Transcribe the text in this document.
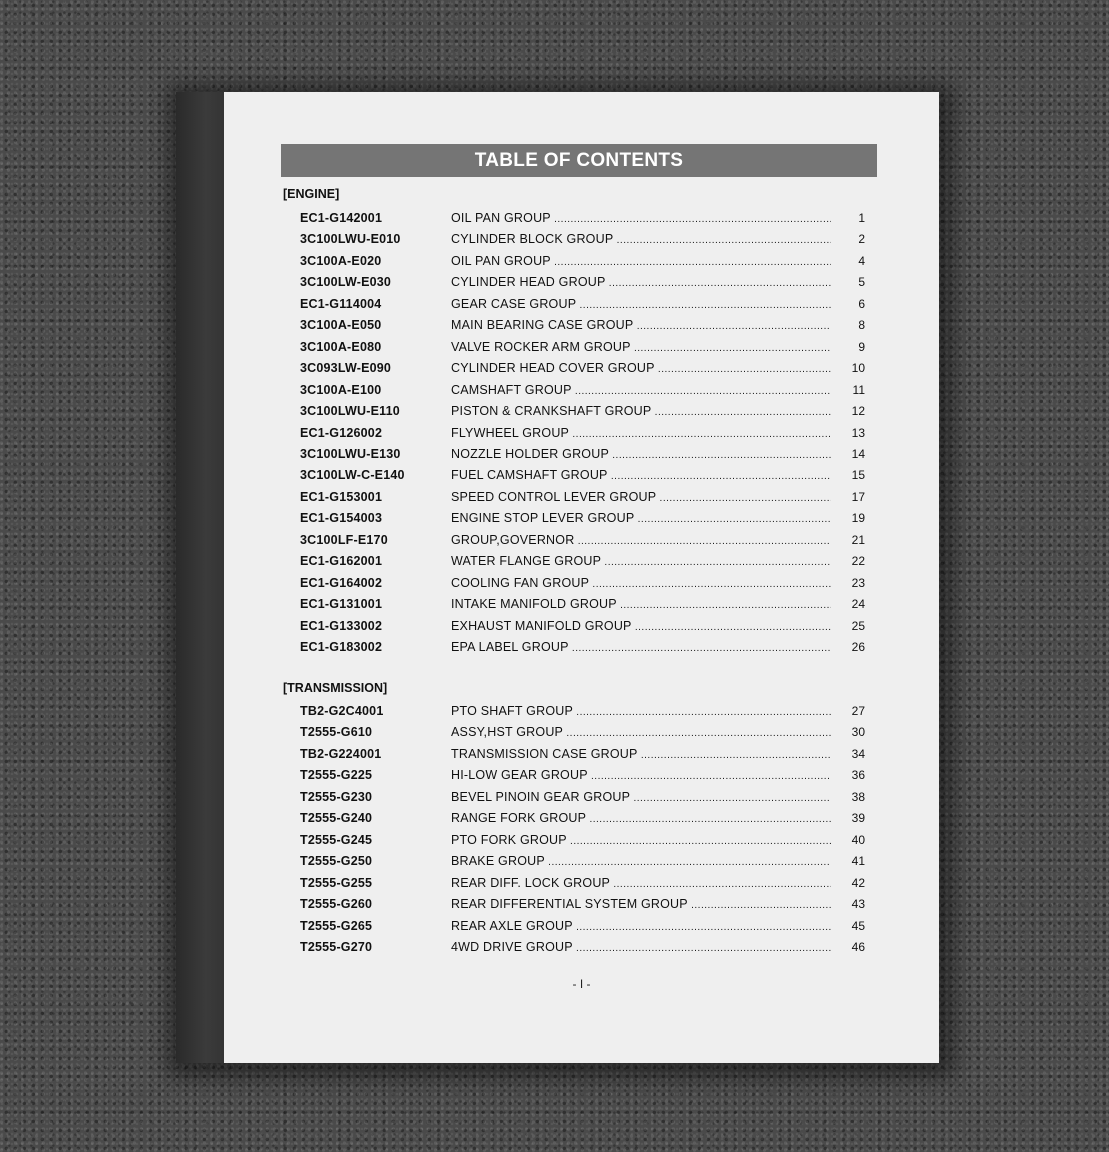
TABLE OF CONTENTS
[ENGINE]
EC1-G142001	OIL PAN GROUP .....	1
3C100LWU-E010	CYLINDER BLOCK GROUP .....	2
3C100A-E020	OIL PAN GROUP .....	4
3C100LW-E030	CYLINDER HEAD GROUP .....	5
EC1-G114004	GEAR CASE GROUP .....	6
3C100A-E050	MAIN BEARING CASE GROUP .....	8
3C100A-E080	VALVE ROCKER ARM GROUP .....	9
3C093LW-E090	CYLINDER HEAD COVER GROUP .....	10
3C100A-E100	CAMSHAFT GROUP .....	11
3C100LWU-E110	PISTON & CRANKSHAFT GROUP .....	12
EC1-G126002	FLYWHEEL GROUP .....	13
3C100LWU-E130	NOZZLE HOLDER GROUP .....	14
3C100LW-C-E140	FUEL CAMSHAFT GROUP .....	15
EC1-G153001	SPEED CONTROL LEVER GROUP .....	17
EC1-G154003	ENGINE STOP LEVER GROUP .....	19
3C100LF-E170	GROUP,GOVERNOR .....	21
EC1-G162001	WATER FLANGE GROUP .....	22
EC1-G164002	COOLING FAN GROUP .....	23
EC1-G131001	INTAKE MANIFOLD GROUP .....	24
EC1-G133002	EXHAUST MANIFOLD GROUP .....	25
EC1-G183002	EPA LABEL GROUP .....	26
[TRANSMISSION]
TB2-G2C4001	PTO SHAFT GROUP .....	27
T2555-G610	ASSY,HST GROUP .....	30
TB2-G224001	TRANSMISSION CASE GROUP .....	34
T2555-G225	HI-LOW GEAR GROUP .....	36
T2555-G230	BEVEL PINOIN GEAR GROUP .....	38
T2555-G240	RANGE FORK GROUP .....	39
T2555-G245	PTO FORK GROUP .....	40
T2555-G250	BRAKE GROUP .....	41
T2555-G255	REAR DIFF. LOCK GROUP .....	42
T2555-G260	REAR DIFFERENTIAL SYSTEM GROUP .....	43
T2555-G265	REAR AXLE GROUP .....	45
T2555-G270	4WD DRIVE GROUP .....	46
- I -
